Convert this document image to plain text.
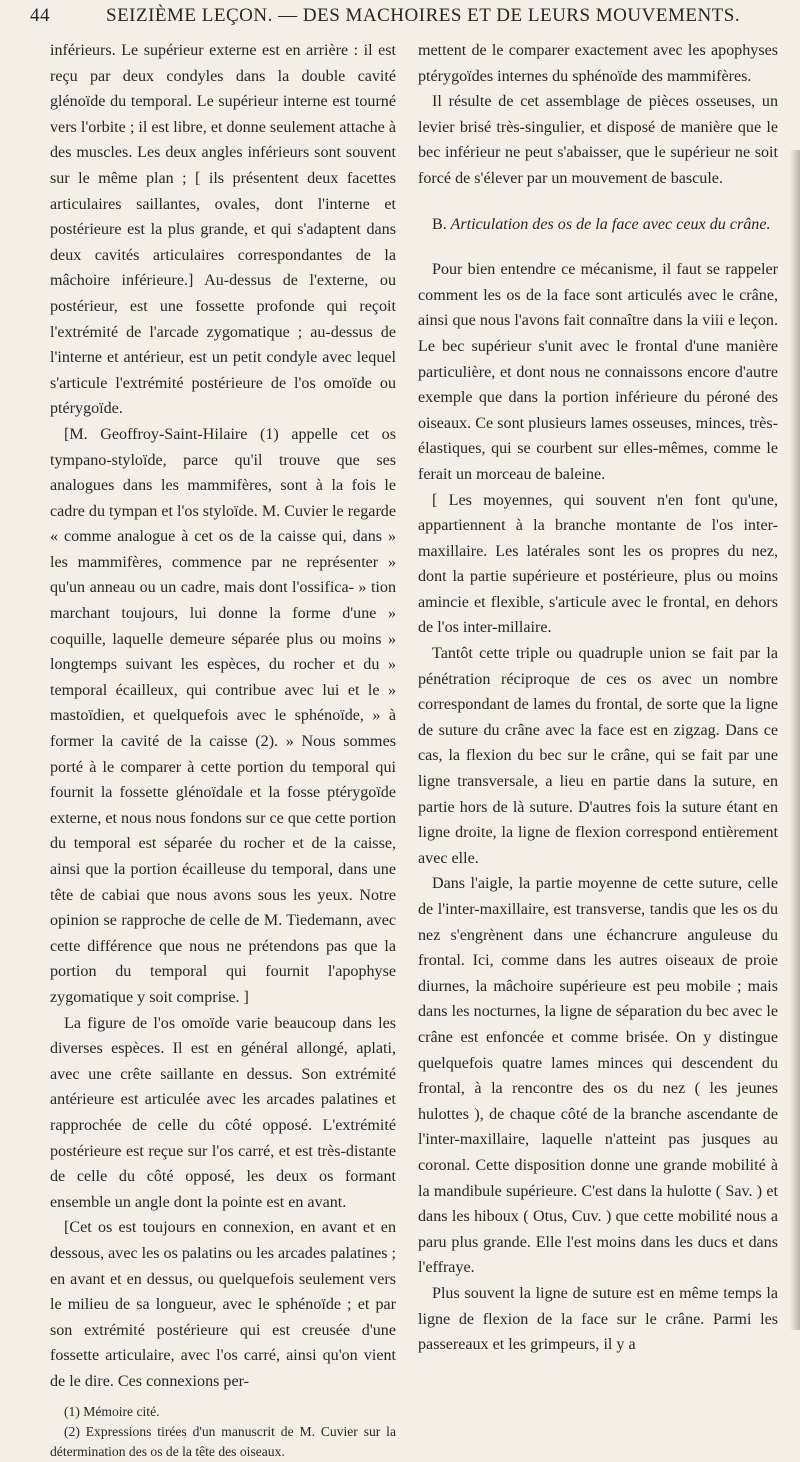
44	SEIZIÈME LEÇON. — DES MACHOIRES ET DE LEURS MOUVEMENTS.

inférieurs. Le supérieur externe est en arrière : il est reçu par deux condyles dans la double cavité glénoïde du temporal. Le supérieur interne est tourné vers l'orbite ; il est libre, et donne seulement attache à des muscles. Les deux angles inférieurs sont souvent sur le même plan ; [ ils présentent deux facettes articulaires saillantes, ovales, dont l'interne et postérieure est la plus grande, et qui s'adaptent dans deux cavités articulaires correspondantes de la mâchoire inférieure.] Au-dessus de l'externe, ou postérieur, est une fossette profonde qui reçoit l'extrémité de l'arcade zygomatique ; au-dessus de l'interne et antérieur, est un petit condyle avec lequel s'articule l'extrémité postérieure de l'os omoïde ou ptérygoïde.

[M. Geoffroy-Saint-Hilaire (1) appelle cet os tympano-styloïde, parce qu'il trouve que ses analogues dans les mammifères, sont à la fois le cadre du tympan et l'os styloïde. M. Cuvier le regarde « comme analogue à cet os de la caisse qui, dans » les mammifères, commence par ne représenter » qu'un anneau ou un cadre, mais dont l'ossifica- » tion marchant toujours, lui donne la forme d'une » coquille, laquelle demeure séparée plus ou moins » longtemps suivant les espèces, du rocher et du » temporal écailleux, qui contribue avec lui et le » mastoïdien, et quelquefois avec le sphénoïde, » à former la cavité de la caisse (2). » Nous sommes porté à le comparer à cette portion du temporal qui fournit la fossette glénoïdale et la fosse ptérygoïde externe, et nous nous fondons sur ce que cette portion du temporal est séparée du rocher et de la caisse, ainsi que la portion écailleuse du temporal, dans une tête de cabiai que nous avons sous les yeux. Notre opinion se rapproche de celle de M. Tiedemann, avec cette différence que nous ne prétendons pas que la portion du temporal qui fournit l'apophyse zygomatique y soit comprise. ]

La figure de l'os omoïde varie beaucoup dans les diverses espèces. Il est en général allongé, aplati, avec une crête saillante en dessus. Son extrémité antérieure est articulée avec les arcades palatines et rapprochée de celle du côté opposé. L'extrémité postérieure est reçue sur l'os carré, et est très-distante de celle du côté opposé, les deux os formant ensemble un angle dont la pointe est en avant.

[Cet os est toujours en connexion, en avant et en dessous, avec les os palatins ou les arcades palatines ; en avant et en dessus, ou quelquefois seulement vers le milieu de sa longueur, avec le sphénoïde ; et par son extrémité postérieure qui est creusée d'une fossette articulaire, avec l'os carré, ainsi qu'on vient de le dire. Ces connexions per-

(1) Mémoire cité.

(2) Expressions tirées d'un manuscrit de M. Cuvier sur la détermination des os de la tête des oiseaux.

mettent de le comparer exactement avec les apophyses ptérygoïdes internes du sphénoïde des mammifères.

Il résulte de cet assemblage de pièces osseuses, un levier brisé très-singulier, et disposé de manière que le bec inférieur ne peut s'abaisser, que le supérieur ne soit forcé de s'élever par un mouvement de bascule.

B. Articulation des os de la face avec ceux du crâne.

Pour bien entendre ce mécanisme, il faut se rappeler comment les os de la face sont articulés avec le crâne, ainsi que nous l'avons fait connaître dans la viii e leçon. Le bec supérieur s'unit avec le frontal d'une manière particulière, et dont nous ne connaissons encore d'autre exemple que dans la portion inférieure du péroné des oiseaux. Ce sont plusieurs lames osseuses, minces, très-élastiques, qui se courbent sur elles-mêmes, comme le ferait un morceau de baleine.

[ Les moyennes, qui souvent n'en font qu'une, appartiennent à la branche montante de l'os inter-maxillaire. Les latérales sont les os propres du nez, dont la partie supérieure et postérieure, plus ou moins amincie et flexible, s'articule avec le frontal, en dehors de l'os inter-millaire.

Tantôt cette triple ou quadruple union se fait par la pénétration réciproque de ces os avec un nombre correspondant de lames du frontal, de sorte que la ligne de suture du crâne avec la face est en zigzag. Dans ce cas, la flexion du bec sur le crâne, qui se fait par une ligne transversale, a lieu en partie dans la suture, en partie hors de là suture. D'autres fois la suture étant en ligne droite, la ligne de flexion correspond entièrement avec elle.

Dans l'aigle, la partie moyenne de cette suture, celle de l'inter-maxillaire, est transverse, tandis que les os du nez s'engrènent dans une échancrure anguleuse du frontal. Ici, comme dans les autres oiseaux de proie diurnes, la mâchoire supérieure est peu mobile ; mais dans les nocturnes, la ligne de séparation du bec avec le crâne est enfoncée et comme brisée. On y distingue quelquefois quatre lames minces qui descendent du frontal, à la rencontre des os du nez ( les jeunes hulottes ), de chaque côté de la branche ascendante de l'inter-maxillaire, laquelle n'atteint pas jusques au coronal. Cette disposition donne une grande mobilité à la mandibule supérieure. C'est dans la hulotte ( Sav. ) et dans les hiboux ( Otus, Cuv. ) que cette mobilité nous a paru plus grande. Elle l'est moins dans les ducs et dans l'effraye.

Plus souvent la ligne de suture est en même temps la ligne de flexion de la face sur le crâne. Parmi les passereaux et les grimpeurs, il y a
